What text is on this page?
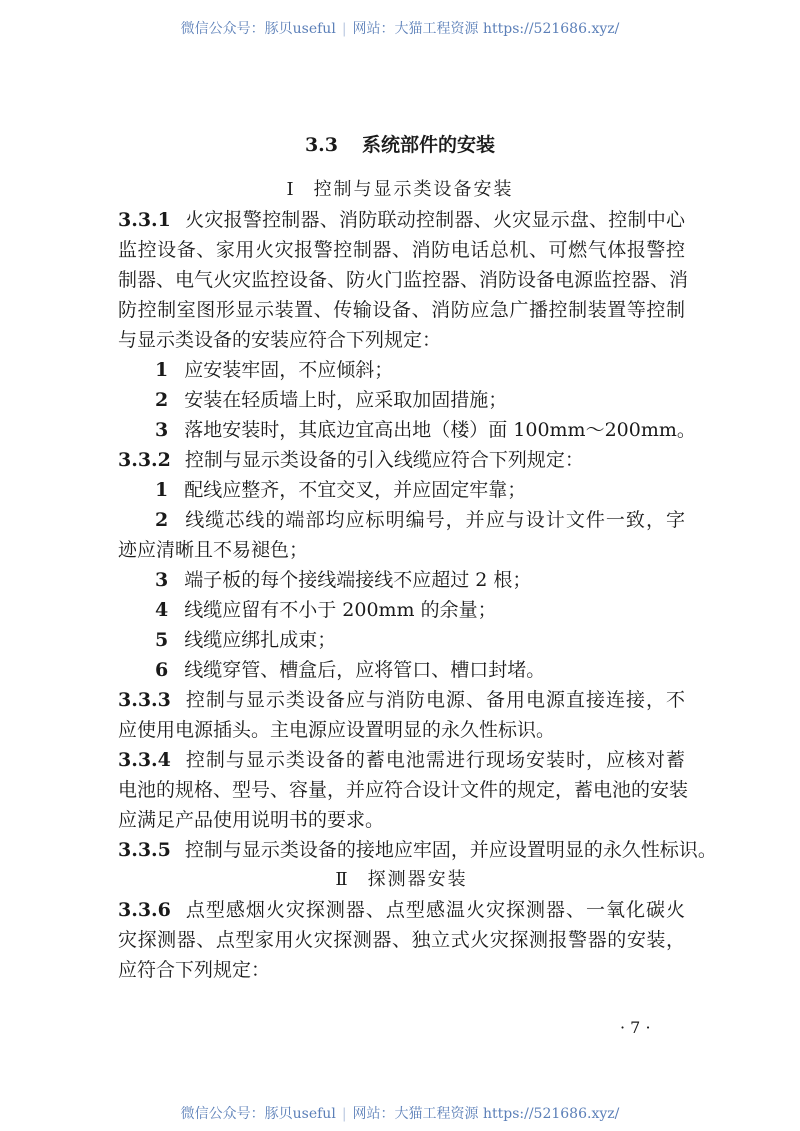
微信公众号：豚贝useful | 网站：大猫工程资源 https://521686.xyz/
3.3 系统部件的安装
Ⅰ 控制与显示类设备安装
3.3.1 火灾报警控制器、消防联动控制器、火灾显示盘、控制中心
监控设备、家用火灾报警控制器、消防电话总机、可燃气体报警控
制器、电气火灾监控设备、防火门监控器、消防设备电源监控器、消
防控制室图形显示装置、传输设备、消防应急广播控制装置等控制
与显示类设备的安装应符合下列规定：
1 应安装牢固，不应倾斜；
2 安装在轻质墙上时，应采取加固措施；
3 落地安装时，其底边宜高出地（楼）面 100mm～200mm。
3.3.2 控制与显示类设备的引入线缆应符合下列规定：
1 配线应整齐，不宜交叉，并应固定牢靠；
2 线缆芯线的端部均应标明编号，并应与设计文件一致，字
迹应清晰且不易褪色；
3 端子板的每个接线端接线不应超过 2 根；
4 线缆应留有不小于 200mm 的余量；
5 线缆应绑扎成束；
6 线缆穿管、槽盒后，应将管口、槽口封堵。
3.3.3 控制与显示类设备应与消防电源、备用电源直接连接，不
应使用电源插头。主电源应设置明显的永久性标识。
3.3.4 控制与显示类设备的蓄电池需进行现场安装时，应核对蓄
电池的规格、型号、容量，并应符合设计文件的规定，蓄电池的安装
应满足产品使用说明书的要求。
3.3.5 控制与显示类设备的接地应牢固，并应设置明显的永久性标识。
Ⅱ 探测器安装
3.3.6 点型感烟火灾探测器、点型感温火灾探测器、一氧化碳火
灾探测器、点型家用火灾探测器、独立式火灾探测报警器的安装，
应符合下列规定：
· 7 ·
微信公众号：豚贝useful | 网站：大猫工程资源 https://521686.xyz/
